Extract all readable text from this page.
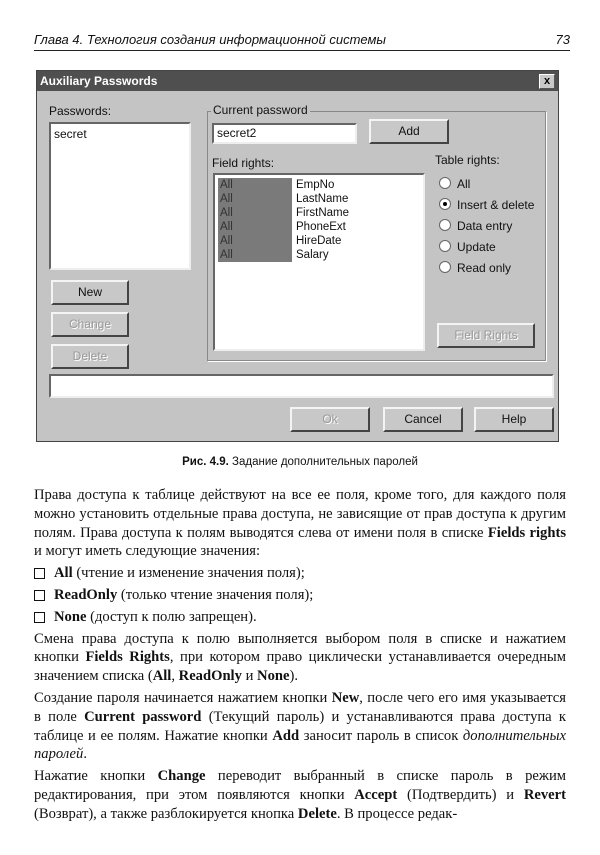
Глава 4. Технология создания информационной системы	73
Auxiliary Passwords	x
Passwords:
secret
New
Change
Delete
Current password
secret2	Add
Field rights:
All	EmpNo
All	LastName
All	FirstName
All	PhoneExt
All	HireDate
All	Salary
Table rights:
All
Insert & delete
Data entry
Update
Read only
Field Rights
Ok	Cancel	Help
Рис. 4.9. Задание дополнительных паролей

Права доступа к таблице действуют на все ее поля, кроме того, для каждого поля можно установить отдельные права доступа, не зависящие от прав доступа к другим полям. Права доступа к полям выводятся слева от имени поля в списке Fields rights и могут иметь следующие значения:

All (чтение и изменение значения поля);
ReadOnly (только чтение значения поля);
None (доступ к полю запрещен).

Смена права доступа к полю выполняется выбором поля в списке и нажатием кнопки Fields Rights, при котором право циклически устанавливается очередным значением списка (All, ReadOnly и None).

Создание пароля начинается нажатием кнопки New, после чего его имя указывается в поле Current password (Текущий пароль) и устанавливаются права доступа к таблице и ее полям. Нажатие кнопки Add заносит пароль в список дополнительных паролей.

Нажатие кнопки Change переводит выбранный в списке пароль в режим редактирования, при этом появляются кнопки Accept (Подтвердить) и Revert (Возврат), а также разблокируется кнопка Delete. В процессе редак-
